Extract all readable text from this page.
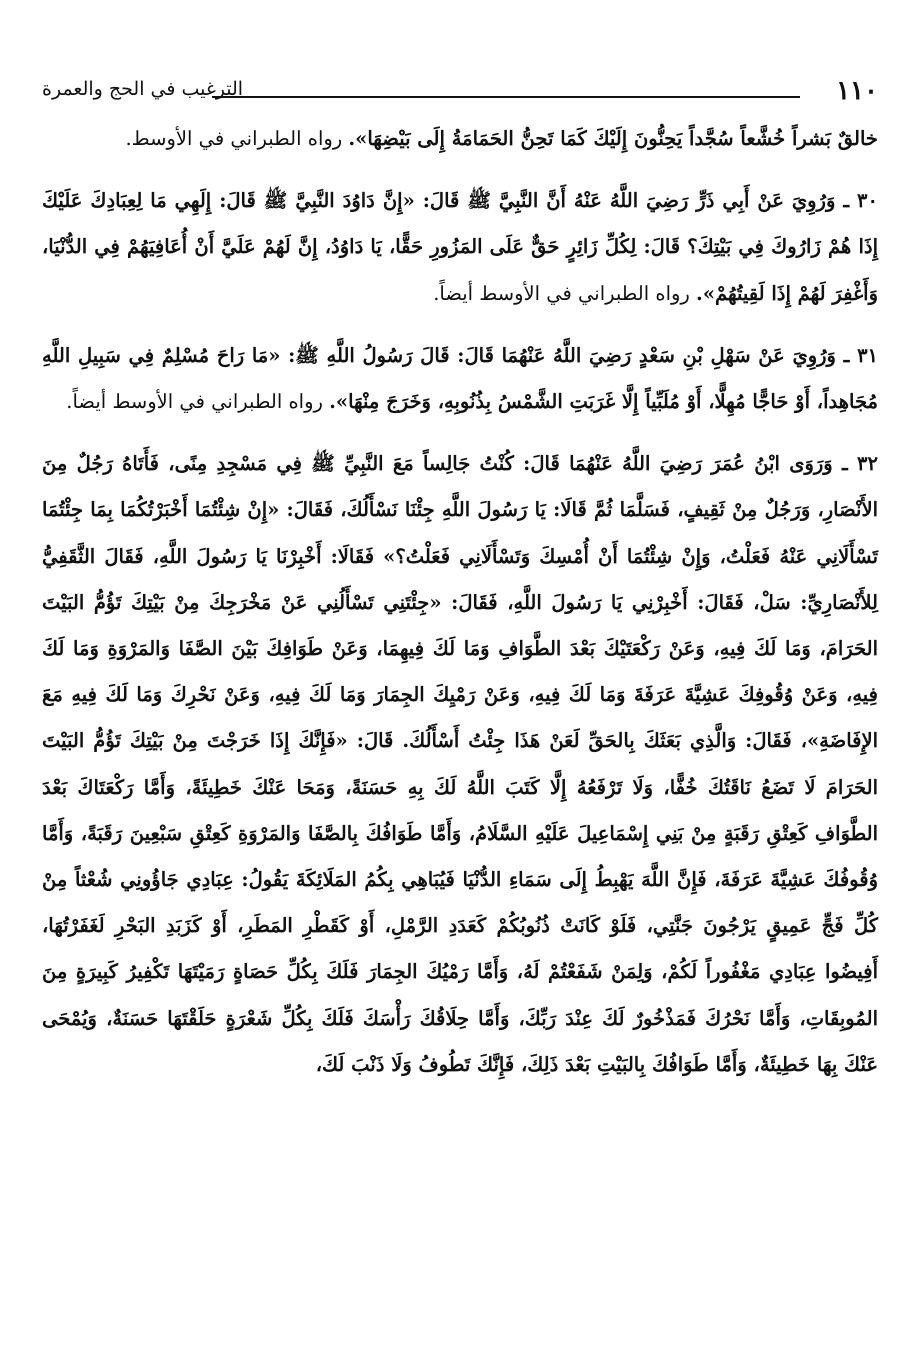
١١٠
الترغيب في الحج والعمرة

خالقٌ بَشراً خُشَّعاً سُجَّداً يَحِنُّونَ إِلَيْكَ كَمَا تَحِنُّ الحَمَامَةُ إِلَى بَيْضِهَا». رواه الطبراني في الأوسط.

٣٠ ـ وَرُوِيَ عَنْ أَبِي ذَرٍّ رَضِيَ اللَّهُ عَنْهُ أَنَّ النَّبِيَّ ﷺ قَالَ: «إِنَّ دَاوُدَ النَّبِيَّ ﷺ قَالَ: إِلَهِي مَا لِعِبَادِكَ عَلَيْكَ إِذَا هُمْ زَارُوكَ فِي بَيْتِكَ؟ قَالَ: لِكُلِّ زَائِرٍ حَقٌّ عَلَى المَزُورِ حَقًّا، يَا دَاوُدُ، إِنَّ لَهُمْ عَلَيَّ أَنْ أُعَافِيَهُمْ فِي الدُّنْيَا، وَأَغْفِرَ لَهُمْ إِذَا لَقِيتُهُمْ». رواه الطبراني في الأوسط أيضاً.

٣١ ـ وَرُوِيَ عَنْ سَهْلِ بْنِ سَعْدٍ رَضِيَ اللَّهُ عَنْهُمَا قَالَ: قَالَ رَسُولُ اللَّهِ ﷺ: «مَا رَاحَ مُسْلِمٌ فِي سَبِيلِ اللَّهِ مُجَاهِداً، أَوْ حَاجًّا مُهِلًّا، أَوْ مُلَبِّياً إِلَّا غَرَبَتِ الشَّمْسُ بِذُنُوبِهِ، وَخَرَجَ مِنْهَا». رواه الطبراني في الأوسط أيضاً.

٣٢ ـ وَرَوَى ابْنُ عُمَرَ رَضِيَ اللَّهُ عَنْهُمَا قَالَ: كُنْتُ جَالِساً مَعَ النَّبِيِّ ﷺ فِي مَسْجِدِ مِنًى، فَأَتَاهُ رَجُلٌ مِنَ الأَنْصَارِ، وَرَجُلٌ مِنْ ثَقِيفٍ، فَسَلَّمَا ثُمَّ قَالَا: يَا رَسُولَ اللَّهِ جِئْنَا نَسْأَلُكَ، فَقَالَ: «إِنْ شِئْتُمَا أَخْبَرْتُكُمَا بِمَا جِئْتُمَا تَسْأَلَانِي عَنْهُ فَعَلْتُ، وَإِنْ شِئْتُمَا أَنْ أُمْسِكَ وَتَسْأَلَانِي فَعَلْتُ؟» فَقَالَا: أَخْبِرْنَا يَا رَسُولَ اللَّهِ، فَقَالَ الثَّقَفِيُّ لِلأَنْصَارِيِّ: سَلْ، فَقَالَ: أَخْبِرْنِي يَا رَسُولَ اللَّهِ، فَقَالَ: «جِئْتَنِي تَسْأَلُنِي عَنْ مَخْرَجِكَ مِنْ بَيْتِكَ تَؤُمُّ البَيْتَ الحَرَامَ، وَمَا لَكَ فِيهِ، وَعَنْ رَكْعَتَيْكَ بَعْدَ الطَّوَافِ وَمَا لَكَ فِيهِمَا، وَعَنْ طَوَافِكَ بَيْنَ الصَّفَا وَالمَرْوَةِ وَمَا لَكَ فِيهِ، وَعَنْ وُقُوفِكَ عَشِيَّةَ عَرَفَةَ وَمَا لَكَ فِيهِ، وَعَنْ رَمْيِكَ الجِمَارَ وَمَا لَكَ فِيهِ، وَعَنْ نَحْرِكَ وَمَا لَكَ فِيهِ مَعَ الإِفَاضَةِ»، فَقَالَ: وَالَّذِي بَعَثَكَ بِالحَقِّ لَعَنْ هَذَا جِئْتُ أَسْأَلُكَ. قَالَ: «فَإِنَّكَ إِذَا خَرَجْتَ مِنْ بَيْتِكَ تَؤُمُّ البَيْتَ الحَرَامَ لَا تَضَعُ نَاقَتُكَ خُفًّا، وَلَا تَرْفَعُهُ إِلَّا كَتَبَ اللَّهُ لَكَ بِهِ حَسَنَةً، وَمَحَا عَنْكَ خَطِيئَةً، وَأَمَّا رَكْعَتَاكَ بَعْدَ الطَّوَافِ كَعِتْقِ رَقَبَةٍ مِنْ بَنِي إِسْمَاعِيلَ عَلَيْهِ السَّلَامُ، وَأَمَّا طَوَافُكَ بِالصَّفَا وَالمَرْوَةِ كَعِتْقِ سَبْعِينَ رَقَبَةً، وَأَمَّا وُقُوفُكَ عَشِيَّةَ عَرَفَةَ، فَإِنَّ اللَّهَ يَهْبِطُ إِلَى سَمَاءِ الدُّنْيَا فَيُبَاهِي بِكُمُ المَلَائِكَةَ يَقُولُ: عِبَادِي جَاؤُونِي شُعْثاً مِنْ كُلِّ فَجٍّ عَمِيقٍ يَرْجُونَ جَنَّتِي، فَلَوْ كَانَتْ ذُنُوبُكُمْ كَعَدَدِ الرَّمْلِ، أَوْ كَقَطْرِ المَطَرِ، أَوْ كَزَبَدِ البَحْرِ لَغَفَرْتُهَا، أَفِيضُوا عِبَادِي مَغْفُوراً لَكُمْ، وَلِمَنْ شَفَعْتُمْ لَهُ، وَأَمَّا رَمْيُكَ الجِمَارَ فَلَكَ بِكُلِّ حَصَاةٍ رَمَيْتَهَا تَكْفِيرُ كَبِيرَةٍ مِنَ المُوبِقَاتِ، وَأَمَّا نَحْرُكَ فَمَذْخُورٌ لَكَ عِنْدَ رَبِّكَ، وَأَمَّا حِلَاقُكَ رَأْسَكَ فَلَكَ بِكُلِّ شَعْرَةٍ حَلَقْتَهَا حَسَنَةٌ، وَيُمْحَى عَنْكَ بِهَا خَطِيئَةٌ، وَأَمَّا طَوَافُكَ بِالبَيْتِ بَعْدَ ذَلِكَ، فَإِنَّكَ تَطُوفُ وَلَا ذَنْبَ لَكَ،
